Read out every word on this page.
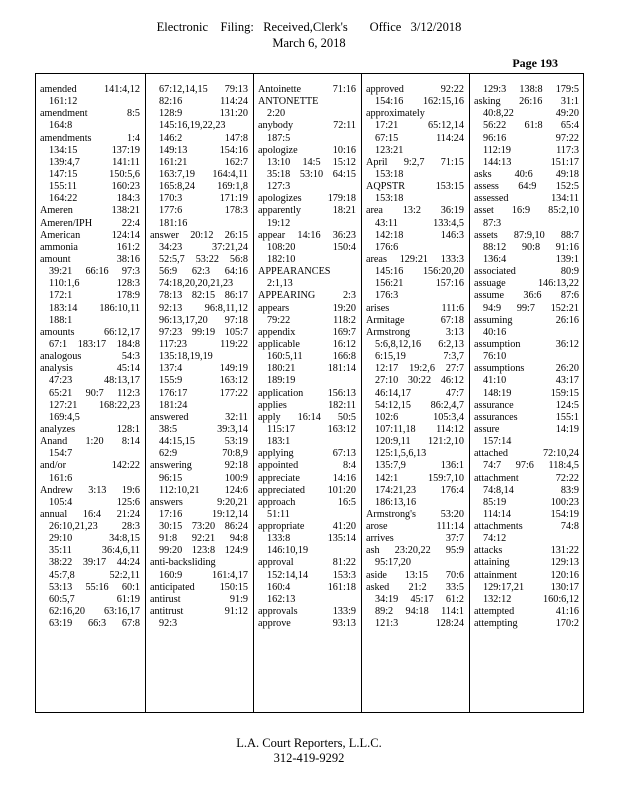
Electronic    Filing:   Received,Clerk's       Office   3/12/2018
March 6, 2018
Page 193
amended 141:4,12
161:12
amendment 8:5
164:8
amendments 1:4
134:15 137:19
139:4,7 141:11
147:15 150:5,6
155:11 160:23
164:22 184:3
Ameren 138:21
Ameren/IPH 22:4
American 124:14
ammonia 161:2
amount 38:16
39:21 66:16 97:3
110:1,6 128:3
172:1 178:9
183:14 186:10,11
188:1
amounts 66:12,17
67:1 183:17 184:8
analogous 54:3
analysis 45:14
47:23 48:13,17
65:21 90:7 112:3
127:21 168:22,23
169:4,5
analyzes 128:1
Anand 1:20 8:14
154:7
and/or 142:22
161:6
Andrew 3:13 19:6
105:4 125:6
annual 16:4 21:24
26:10,21,23 28:3
29:10 34:8,15
35:11 36:4,6,11
38:22 39:17 44:24
45:7,8 52:2,11
53:13 55:16 60:1
60:5,7 61:19
62:16,20 63:16,17
63:19 66:3 67:8
67:12,14,15 79:13
82:16 114:24
128:9 131:20
145:16,19,22,23
146:2 147:8
149:13 154:16
161:21 162:7
163:7,19 164:4,11
165:8,24 169:1,8
170:3 171:19
177:6 178:3
181:16
answer 20:12 26:15
34:23 37:21,24
52:5,7 53:22 56:8
56:9 62:3 64:16
74:18,20,20,21,23
78:13 82:15 86:17
92:13 96:8,11,12
96:13,17,20 97:18
97:23 99:19 105:7
117:23 119:22
135:18,19,19
137:4 149:19
155:9 163:12
176:17 177:22
181:24
answered 32:11
38:5 39:3,14
44:15,15 53:19
62:9 70:8,9
answering 92:18
96:15 100:9
112:10,21 124:6
answers 9:20,21
17:16 19:12,14
30:15 73:20 86:24
91:8 92:21 94:8
99:20 123:8 124:9
anti-backsliding
160:9 161:4,17
anticipated 150:15
antirust 91:9
antitrust 91:12
92:3
Antoinette 71:16
ANTONETTE
2:20
anybody 72:11
187:5
apologize 10:16
13:10 14:5 15:12
35:18 53:10 64:15
127:3
apologizes 179:18
apparently 18:21
19:12
appear 14:16 36:23
108:20 150:4
182:10
APPEARANCES
2:1,13
APPEARING 2:3
appears 19:20
79:22 118:2
appendix 169:7
applicable 16:12
160:5,11 166:8
180:21 181:14
189:19
application 156:13
applies 182:11
apply 16:14 50:5
115:17 163:12
183:1
applying 67:13
appointed 8:4
appreciate 14:16
appreciated 101:20
approach 16:5
51:11
appropriate 41:20
133:8 135:14
146:10,19
approval 81:22
152:14,14 153:3
160:4 161:18
162:13
approvals 133:9
approve 93:13
approved 92:22
154:16 162:15,16
approximately
17:21 65:12,14
67:15 114:24
123:21
April 9:2,7 71:15
153:18
AQPSTR 153:15
153:18
area 13:2 36:19
43:11 133:4,5
142:18 146:3
176:6
areas 129:21 133:3
145:16 156:20,20
156:21 157:16
176:3
arises 111:6
Armitage 67:18
Armstrong 3:13
5:6,8,12,16 6:2,13
6:15,19 7:3,7
12:17 19:2,6 27:7
27:10 30:22 46:12
46:14,17 47:7
54:12,15 86:2,4,7
102:6 105:3,4
107:11,18 114:12
120:9,11 121:2,10
125:1,5,6,13
135:7,9 136:1
142:1 159:7,10
174:21,23 176:4
186:13,16
Armstrong's 53:20
arose 111:14
arrives 37:7
ash 23:20,22 95:9
95:17,20
aside 13:15 70:6
asked 21:2 33:5
34:19 45:17 61:2
89:2 94:18 114:1
121:3 128:24
129:3 138:8 179:5
asking 26:16 31:1
40:8,22 49:20
56:22 61:8 65:4
96:16 97:22
112:19 117:3
144:13 151:17
asks 40:6 49:18
assess 64:9 152:5
assessed 134:11
asset 16:9 85:2,10
87:3
assets 87:9,10 88:7
88:12 90:8 91:16
136:4 139:1
associated 80:9
assuage 146:13,22
assume 36:6 87:6
94:9 99:7 152:21
assuming 26:16
40:16
assumption 36:12
76:10
assumptions 26:20
41:10 43:17
148:19 159:15
assurance 124:5
assurances 155:1
assure 14:19
157:14
attached 72:10,24
74:7 97:6 118:4,5
attachment 72:22
74:8,14 83:9
85:19 100:23
114:14 154:19
attachments 74:8
74:12
attacks 131:22
attaining 129:13
attainment 120:16
129:17,21 130:17
132:12 160:6,12
attempted 41:16
attempting 170:2
L.A. Court Reporters, L.L.C.
312-419-9292
